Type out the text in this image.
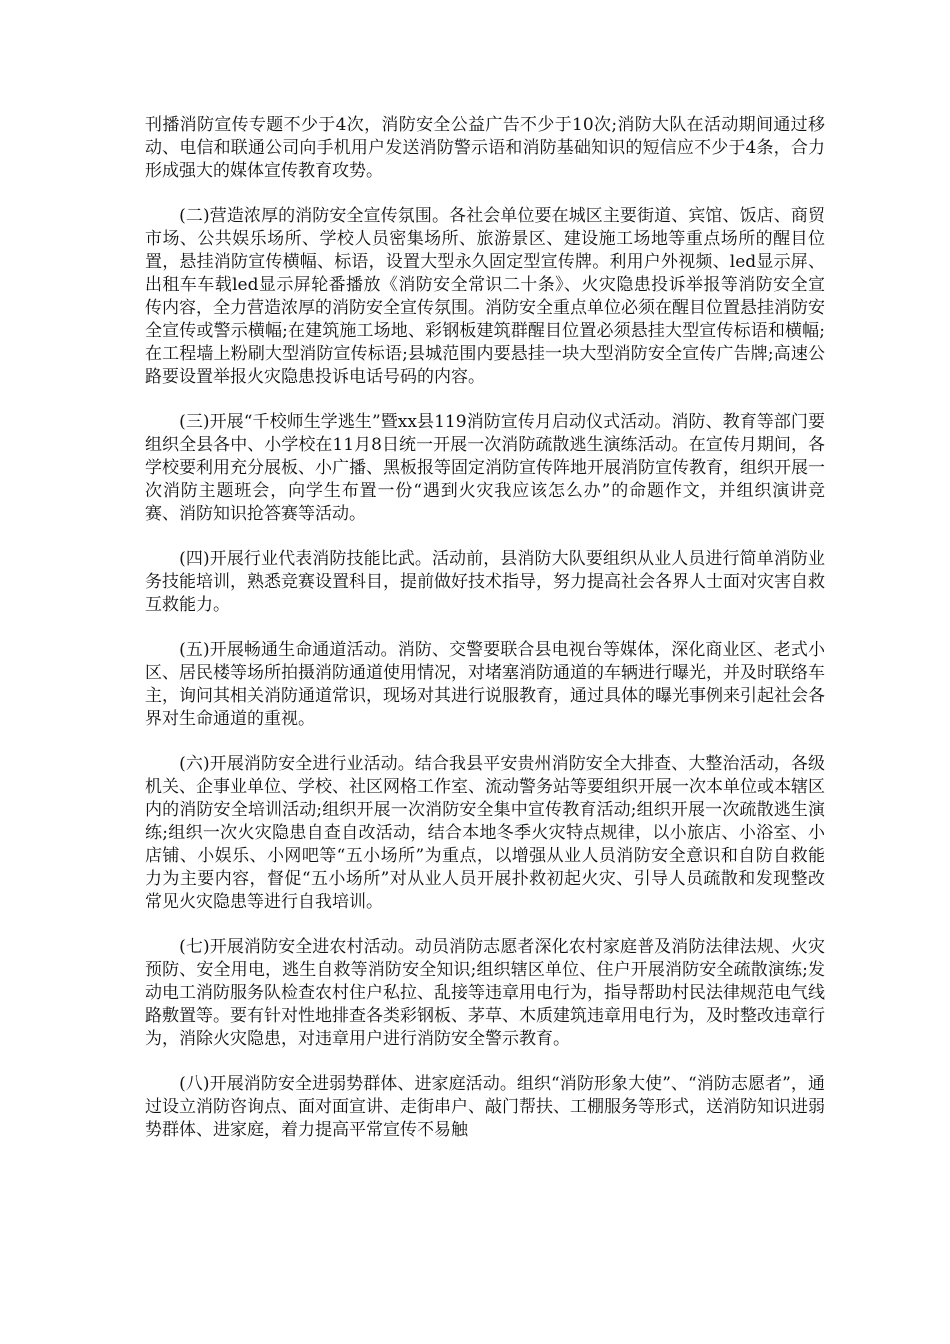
刊播消防宣传专题不少于4次，消防安全公益广告不少于10次;消防大队在活动期间通过移动、电信和联通公司向手机用户发送消防警示语和消防基础知识的短信应不少于4条，合力形成强大的媒体宣传教育攻势。

　　(二)营造浓厚的消防安全宣传氛围。各社会单位要在城区主要街道、宾馆、饭店、商贸市场、公共娱乐场所、学校人员密集场所、旅游景区、建设施工场地等重点场所的醒目位置，悬挂消防宣传横幅、标语，设置大型永久固定型宣传牌。利用户外视频、led显示屏、出租车车载led显示屏轮番播放《消防安全常识二十条》、火灾隐患投诉举报等消防安全宣传内容，全力营造浓厚的消防安全宣传氛围。消防安全重点单位必须在醒目位置悬挂消防安全宣传或警示横幅;在建筑施工场地、彩钢板建筑群醒目位置必须悬挂大型宣传标语和横幅;在工程墙上粉刷大型消防宣传标语;县城范围内要悬挂一块大型消防安全宣传广告牌;高速公路要设置举报火灾隐患投诉电话号码的内容。

　　(三)开展“千校师生学逃生”暨xx县119消防宣传月启动仪式活动。消防、教育等部门要组织全县各中、小学校在11月8日统一开展一次消防疏散逃生演练活动。在宣传月期间，各学校要利用充分展板、小广播、黑板报等固定消防宣传阵地开展消防宣传教育，组织开展一次消防主题班会，向学生布置一份“遇到火灾我应该怎么办”的命题作文，并组织演讲竞赛、消防知识抢答赛等活动。

　　(四)开展行业代表消防技能比武。活动前，县消防大队要组织从业人员进行简单消防业务技能培训，熟悉竞赛设置科目，提前做好技术指导，努力提高社会各界人士面对灾害自救互救能力。

　　(五)开展畅通生命通道活动。消防、交警要联合县电视台等媒体，深化商业区、老式小区、居民楼等场所拍摄消防通道使用情况，对堵塞消防通道的车辆进行曝光，并及时联络车主，询问其相关消防通道常识，现场对其进行说服教育，通过具体的曝光事例来引起社会各界对生命通道的重视。

　　(六)开展消防安全进行业活动。结合我县平安贵州消防安全大排查、大整治活动，各级机关、企事业单位、学校、社区网格工作室、流动警务站等要组织开展一次本单位或本辖区内的消防安全培训活动;组织开展一次消防安全集中宣传教育活动;组织开展一次疏散逃生演练;组织一次火灾隐患自查自改活动，结合本地冬季火灾特点规律，以小旅店、小浴室、小店铺、小娱乐、小网吧等“五小场所”为重点，以增强从业人员消防安全意识和自防自救能力为主要内容，督促“五小场所”对从业人员开展扑救初起火灾、引导人员疏散和发现整改常见火灾隐患等进行自我培训。

　　(七)开展消防安全进农村活动。动员消防志愿者深化农村家庭普及消防法律法规、火灾预防、安全用电，逃生自救等消防安全知识;组织辖区单位、住户开展消防安全疏散演练;发动电工消防服务队检查农村住户私拉、乱接等违章用电行为，指导帮助村民法律规范电气线路敷置等。要有针对性地排查各类彩钢板、茅草、木质建筑违章用电行为，及时整改违章行为，消除火灾隐患，对违章用户进行消防安全警示教育。

　　(八)开展消防安全进弱势群体、进家庭活动。组织“消防形象大使”、“消防志愿者”，通过设立消防咨询点、面对面宣讲、走街串户、敲门帮扶、工棚服务等形式，送消防知识进弱势群体、进家庭，着力提高平常宣传不易触
